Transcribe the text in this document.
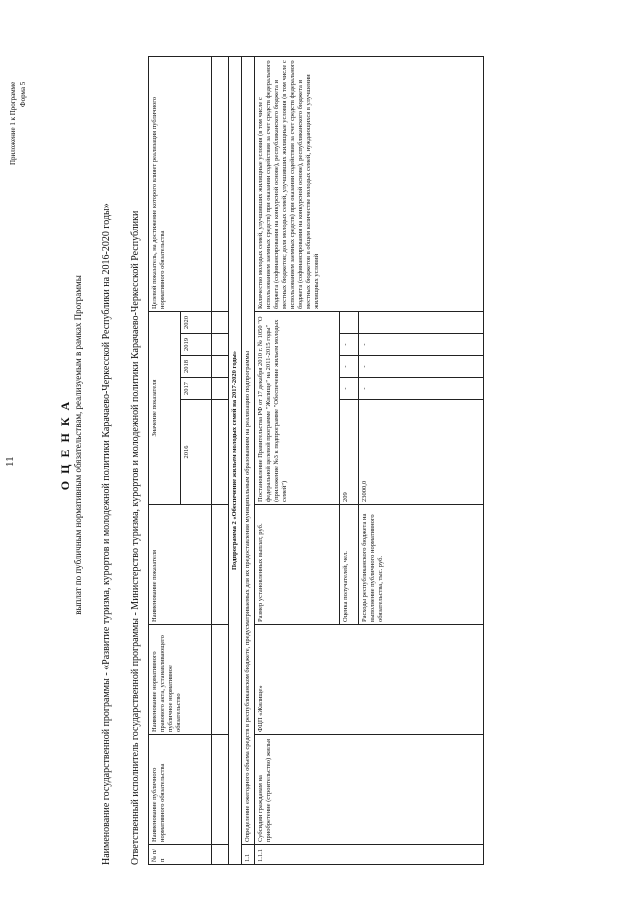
11
Приложение 1 к Программе Форма 5
О Ц Е Н К А выплат по публичным нормативным обязательствам, реализуемым в рамках Программы Наименование государственной программы - «Развитие туризма, курортов и молодежной политики Карачаево-Черкесской Республики на 2016-2020 годы» Ответственный исполнитель государственной программы - Министерство туризма, курортов и молодежной политики Карачаево-Черкесской Республики № п/п	Наименование публичного нормативного обязательства	Наименование нормативного правового акта, устанавливающего публичное нормативное обязательство	Наименование показателя	Значение показателя					Целевой показатель, на достижение которого влияет реализация публичного нормативного обязательства
				2016	2017	2018	2019	2020	

Подпрограмма 2 «Обеспечение жильем молодых семей на 2017-2020 годы»									
1.1	Определение ежегодного объема средств в республиканском бюджете, предусматриваемых для их предоставления муниципальным образованиям на реализацию подпрограммы								
1.1.1	Субсидии гражданам на приобретение (строительство) жилья	ФЦП «Жилище»	Размер установленных выплат, руб.	Постановление Правительства РФ от 17 декабря 2010 г. № 1050 "О федеральной целевой программе "Жилище" на 2011-2015 годы" (приложение №3 к подпрограмме "Обеспечение жильем молодых семей")					Количество молодых семей, улучшивших жилищные условия (в том числе с использованием заемных средств) при оказании содействия за счет средств федерального бюджета (софинансирования на конкурсной основе), республиканского бюджета и местных бюджетов; доля молодых семей, улучшивших жилищные условия (в том числе с использованием заемных средств) при оказании содействия за счет средств федерального бюджета (софинансирования на конкурсной основе), республиканского бюджета и местных бюджетов в общем количестве молодых семей, нуждающихся в улучшении жилищных условий
			Оценка получателей, чел.	209	-	-	-		
			Расходы республиканского бюджета на выполнение публичного нормативного обязательства, тыс. руб.	23000,0	-	-	-		
